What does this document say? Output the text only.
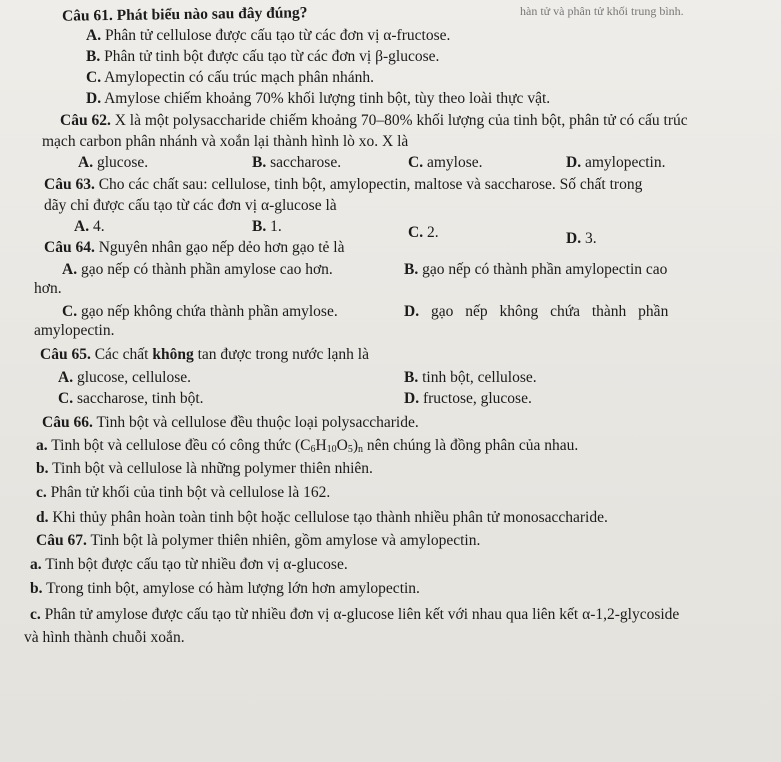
hàn tử và phân tử khối trung bình.
Câu 61. Phát biểu nào sau đây đúng?
A. Phân tử cellulose được cấu tạo từ các đơn vị α-fructose.
B. Phân tử tinh bột được cấu tạo từ các đơn vị β-glucose.
C. Amylopectin có cấu trúc mạch phân nhánh.
D. Amylose chiếm khoảng 70% khối lượng tinh bột, tùy theo loài thực vật.
Câu 62. X là một polysaccharide chiếm khoảng 70–80% khối lượng của tinh bột, phân tử có cấu trúc
mạch carbon phân nhánh và xoắn lại thành hình lò xo. X là
A. glucose.	B. saccharose.	C. amylose.	D. amylopectin.
Câu 63. Cho các chất sau: cellulose, tinh bột, amylopectin, maltose và saccharose. Số chất trong
dãy chỉ được cấu tạo từ các đơn vị α-glucose là
A. 4.	B. 1.	C. 2.	D. 3.
Câu 64. Nguyên nhân gạo nếp dẻo hơn gạo tẻ là
A. gạo nếp có thành phần amylose cao hơn.	B. gạo nếp có thành phần amylopectin cao
hơn.
C. gạo nếp không chứa thành phần amylose.	D. gạo nếp không chứa thành phần
amylopectin.
Câu 65. Các chất không tan được trong nước lạnh là
A. glucose, cellulose.	B. tinh bột, cellulose.
C. saccharose, tinh bột.	D. fructose, glucose.
Câu 66. Tinh bột và cellulose đều thuộc loại polysaccharide.
a. Tinh bột và cellulose đều có công thức $(C_6H_{10}O_5)_n$ nên chúng là đồng phân của nhau.
b. Tinh bột và cellulose là những polymer thiên nhiên.
c. Phân tử khối của tinh bột và cellulose là 162.
d. Khi thủy phân hoàn toàn tinh bột hoặc cellulose tạo thành nhiều phân tử monosaccharide.
Câu 67. Tinh bột là polymer thiên nhiên, gồm amylose và amylopectin.
a. Tinh bột được cấu tạo từ nhiều đơn vị α-glucose.
b. Trong tinh bột, amylose có hàm lượng lớn hơn amylopectin.
c. Phân tử amylose được cấu tạo từ nhiều đơn vị α-glucose liên kết với nhau qua liên kết α-1,2-glycoside
và hình thành chuỗi xoắn.
